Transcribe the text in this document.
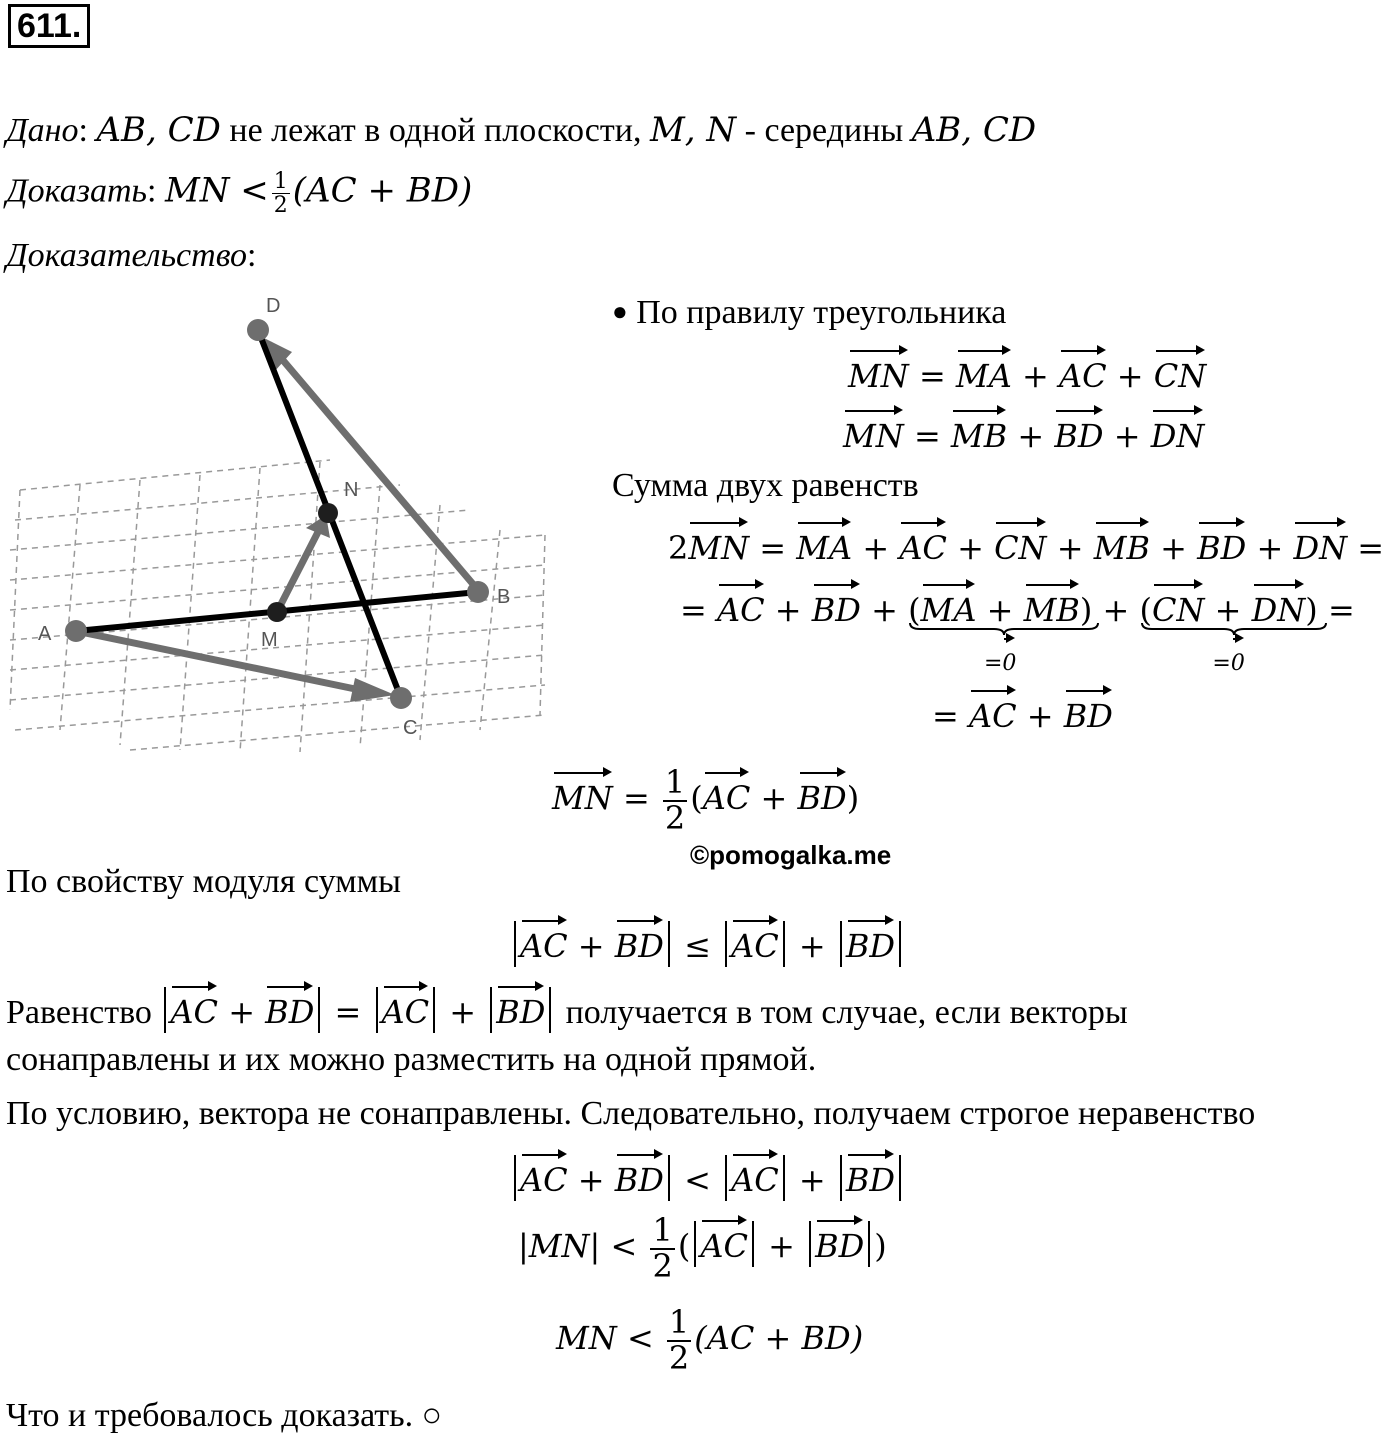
611.
Дано: AB, CD не лежат в одной плоскости, M, N - середины AB, CD
Доказать: MN < $\frac{1}{2} (AC + BD)$
Доказательство:
D
N
B
A	M
C
● По правилу треугольника
MN = MA + AC + CN
MN = MB + BD + DN
Сумма двух равенств
2MN = MA + AC + CN + MB + BD + DN =
= AC + BD + (MA + MB)
=0
+ (CN + DN)
=0
=
= AC + BD
MN = $\frac{1}{2} (AC + BD)$
©pomogalka.me
По свойству модуля суммы
AC + BD ≤ AC + BD
Равенство AC + BD = AC + BD получается в том случае, если векторы
сонаправлены и их можно разместить на одной прямой.
По условию, вектора не сонаправлены. Следовательно, получаем строгое неравенство
AC + BD < AC + BD
$|MN| < \frac{1}{2}$ ( AC + BD )
MN < $\frac{1}{2} (AC + BD)$
Что и требовалось доказать. ○
